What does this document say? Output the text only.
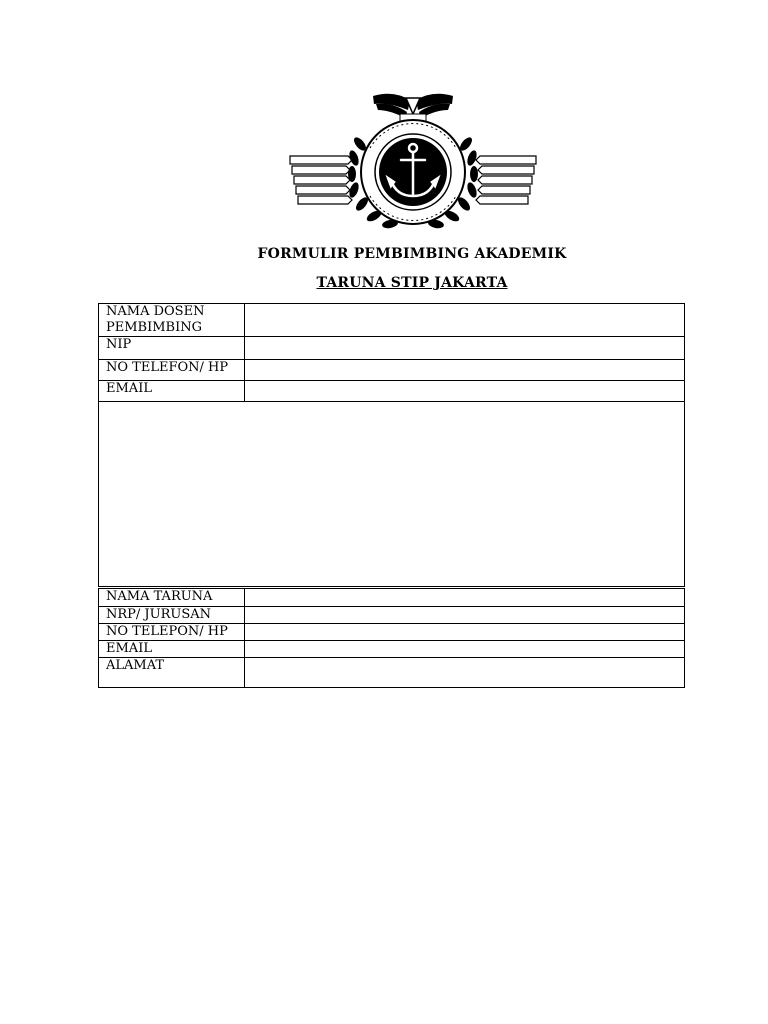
FORMULIR PEMBIMBING AKADEMIK
TARUNA STIP JAKARTA
NAMA DOSEN PEMBIMBING	
NIP	
NO TELEFON/ HP	
EMAIL	

NAMA TARUNA	
NRP/ JURUSAN	
NO TELEPON/ HP	
EMAIL	
ALAMAT	
